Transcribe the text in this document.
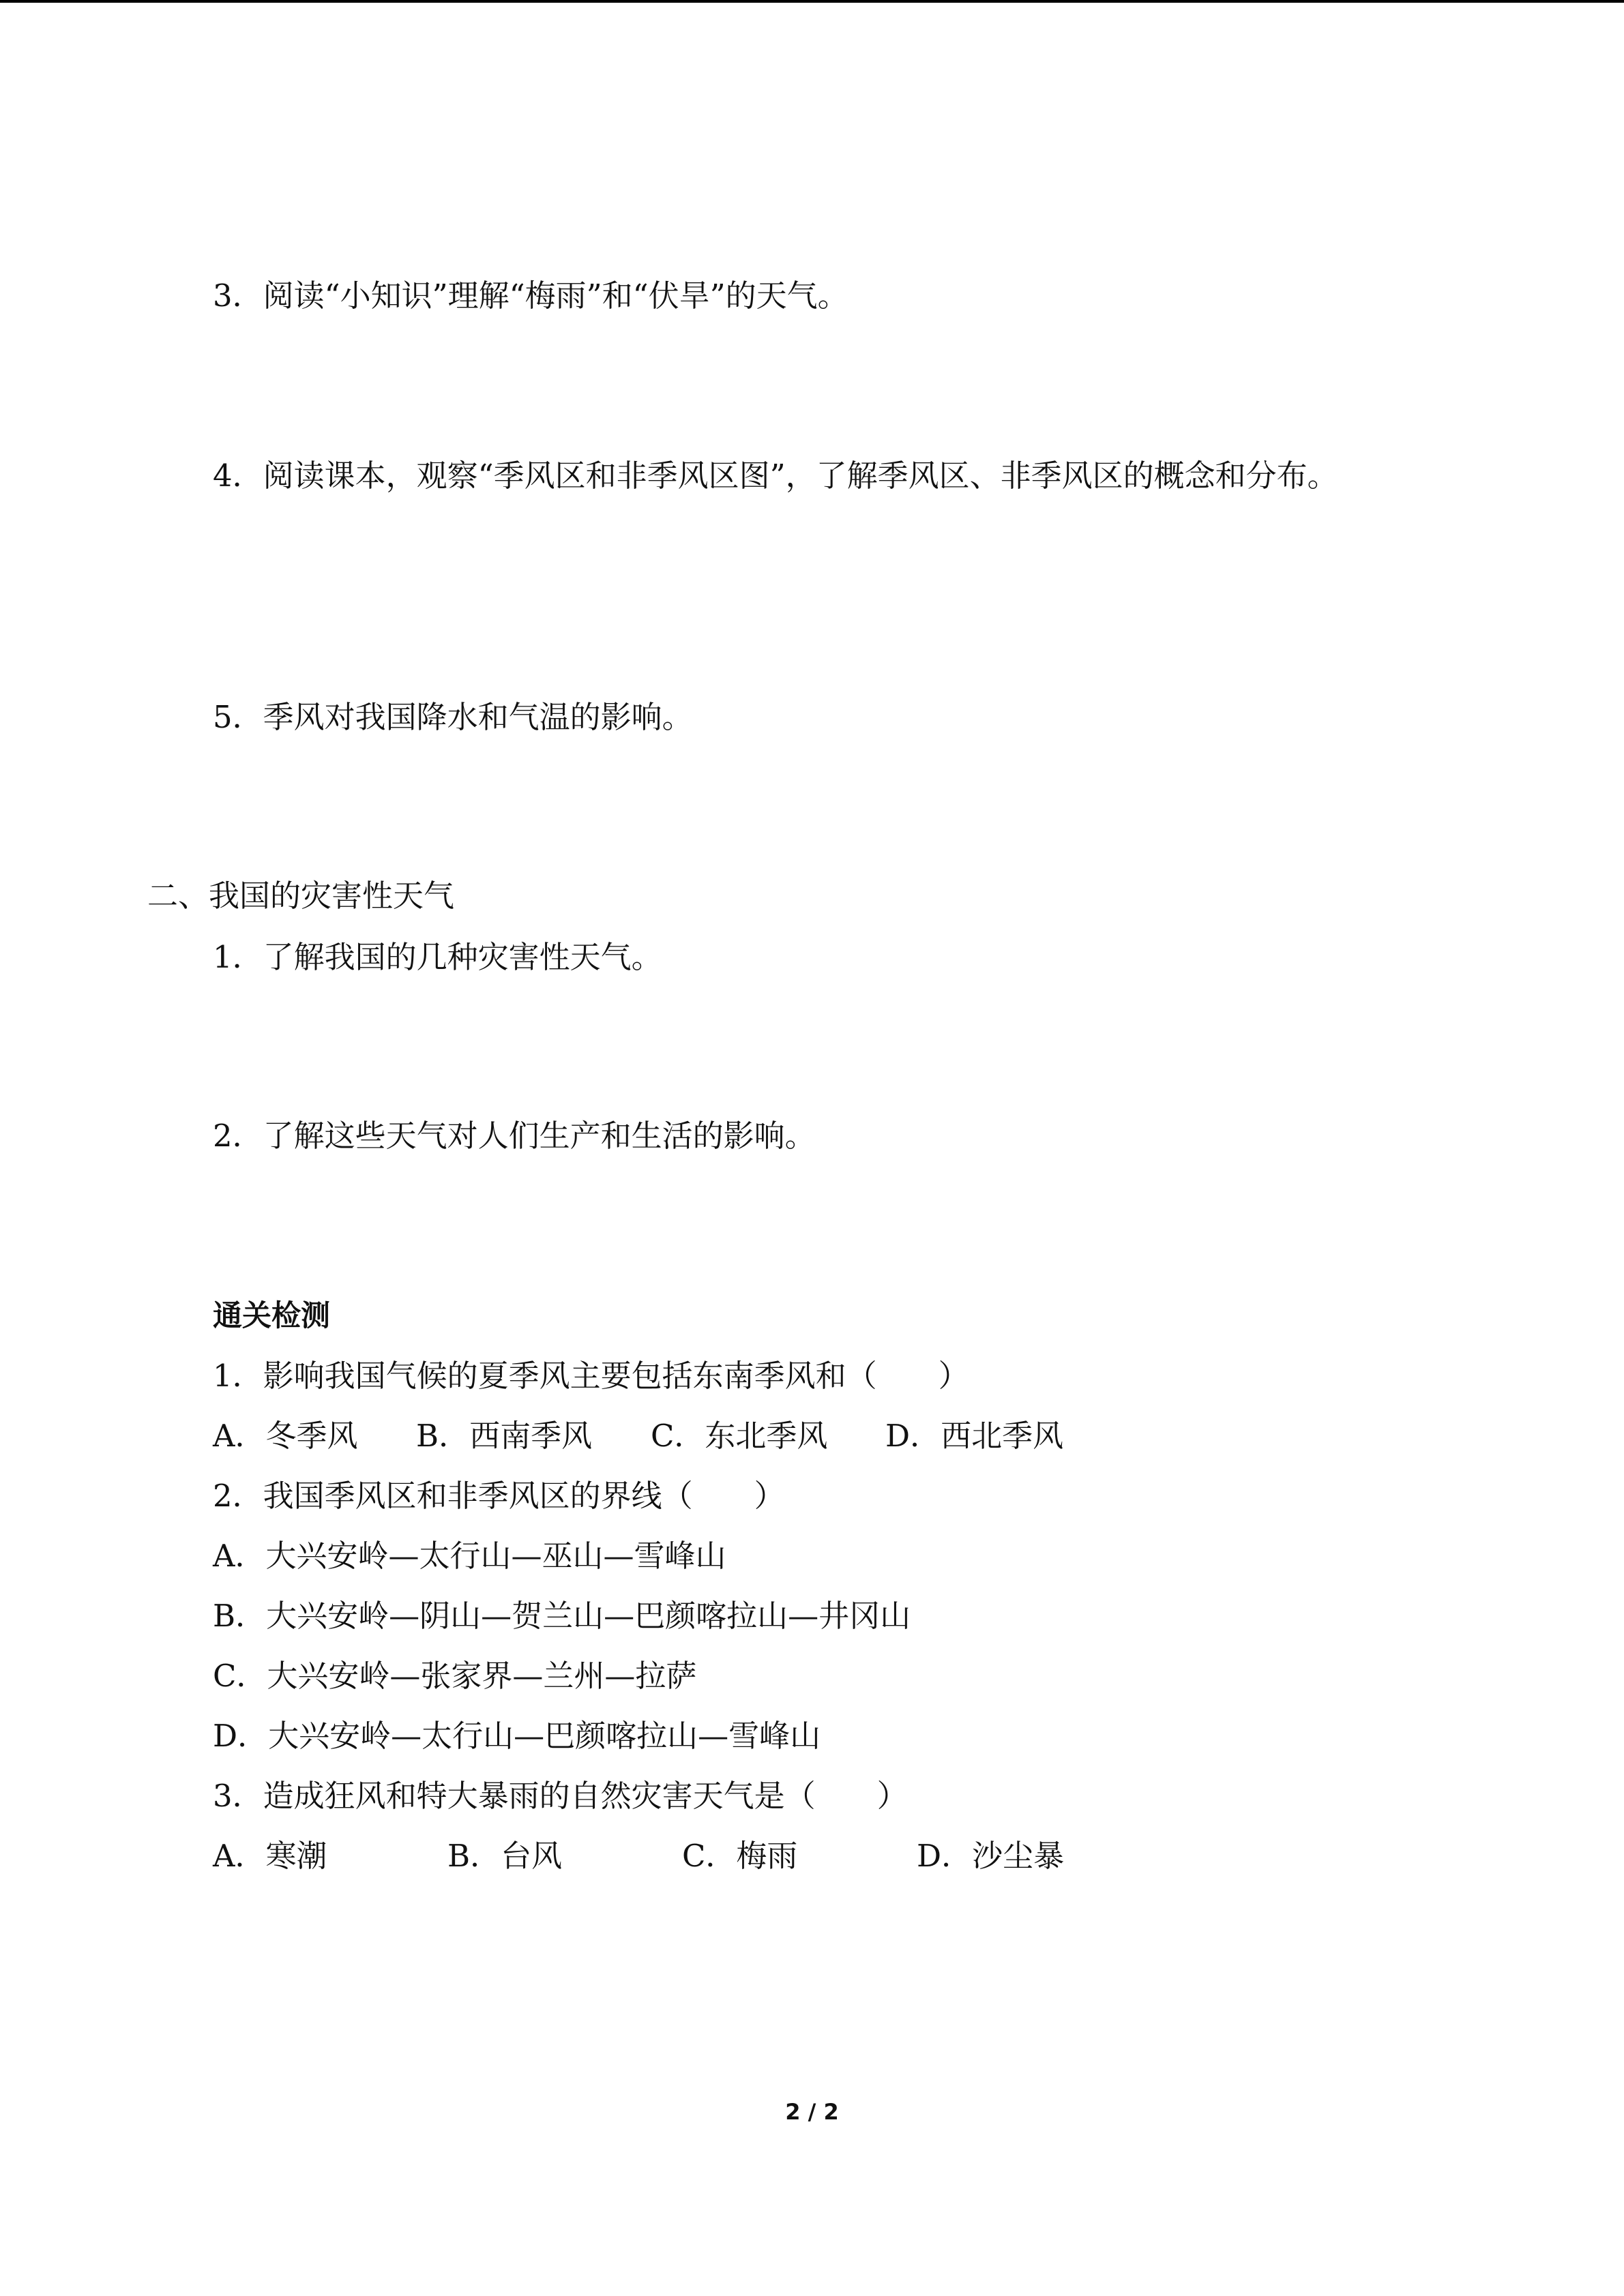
3．阅读“小知识”理解“梅雨”和“伏旱”的天气。
4．阅读课本，观察“季风区和非季风区图”，了解季风区、非季风区的概念和分布。
5．季风对我国降水和气温的影响。
二、我国的灾害性天气
1．了解我国的几种灾害性天气。
2．了解这些天气对人们生产和生活的影响。
通关检测
1．影响我国气候的夏季风主要包括东南季风和（　　）
A．冬季风 B．西南季风 C．东北季风 D．西北季风
2．我国季风区和非季风区的界线（　　）
A．大兴安岭—太行山—巫山—雪峰山
B．大兴安岭—阴山—贺兰山—巴颜喀拉山—井冈山
C．大兴安岭—张家界—兰州—拉萨
D．大兴安岭—太行山—巴颜喀拉山—雪峰山
3．造成狂风和特大暴雨的自然灾害天气是（　　）
A．寒潮	B．台风	C．梅雨	D．沙尘暴
2 / 2
